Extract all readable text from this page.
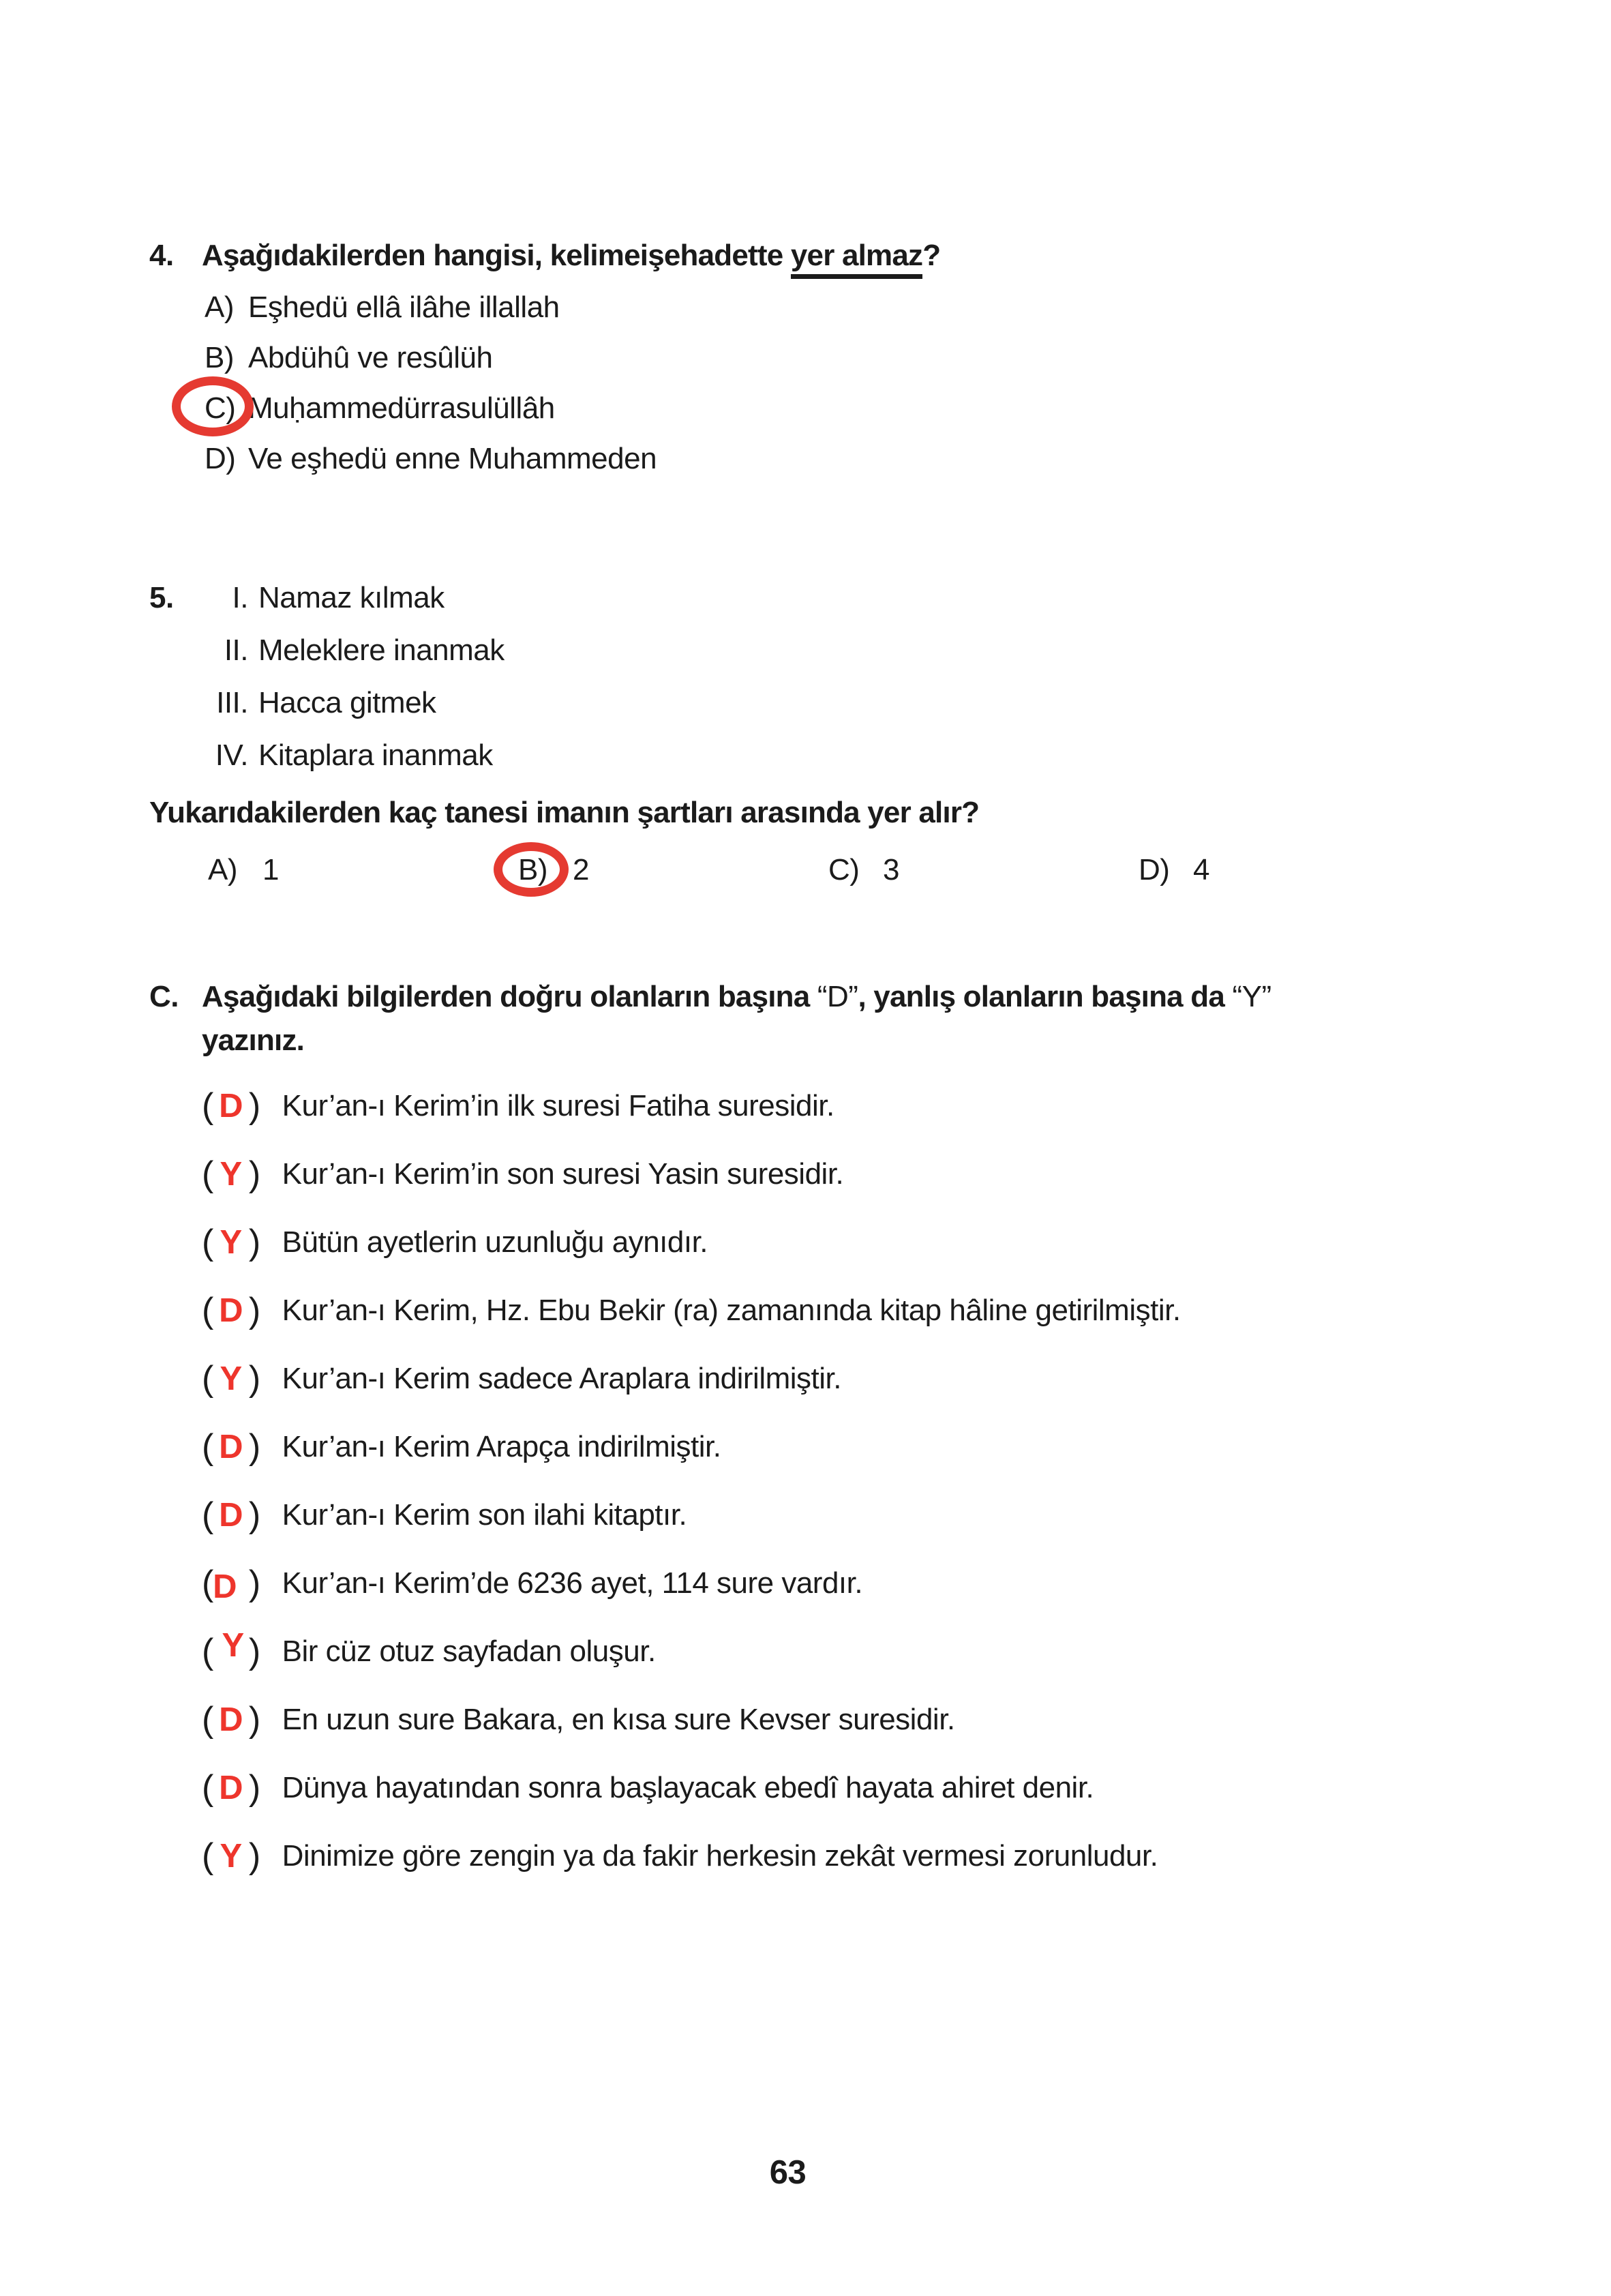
4. Aşağıdakilerden hangisi, kelimeişehadette yer almaz?
A) Eşhedü ellâ ilâhe illallah
B) Abdühû ve resûlüh
C) Muḥammedürrasulüllâh
D) Ve eşhedü enne Muhammeden
5.	I. Namaz kılmak
II. Meleklere inanmak
III. Hacca gitmek
IV. Kitaplara inanmak
Yukarıdakilerden kaç tanesi imanın şartları arasında yer alır?
A) 1	B) 2	C) 3	D) 4
C. Aşağıdaki bilgilerden doğru olanların başına “D”, yanlış olanların başına da “Y”
yazınız.
( D ) Kur’an-ı Kerim’in ilk suresi Fatiha suresidir.
( Y ) Kur’an-ı Kerim’in son suresi Yasin suresidir.
( Y ) Bütün ayetlerin uzunluğu aynıdır.
( D ) Kur’an-ı Kerim, Hz. Ebu Bekir (ra) zamanında kitap hâline getirilmiştir.
( Y ) Kur’an-ı Kerim sadece Araplara indirilmiştir.
( D ) Kur’an-ı Kerim Arapça indirilmiştir.
( D ) Kur’an-ı Kerim son ilahi kitaptır.
( D ) Kur’an-ı Kerim’de 6236 ayet, 114 sure vardır.
( Y ) Bir cüz otuz sayfadan oluşur.
( D ) En uzun sure Bakara, en kısa sure Kevser suresidir.
( D ) Dünya hayatından sonra başlayacak ebedî hayata ahiret denir.
( Y ) Dinimize göre zengin ya da fakir herkesin zekât vermesi zorunludur.
63
